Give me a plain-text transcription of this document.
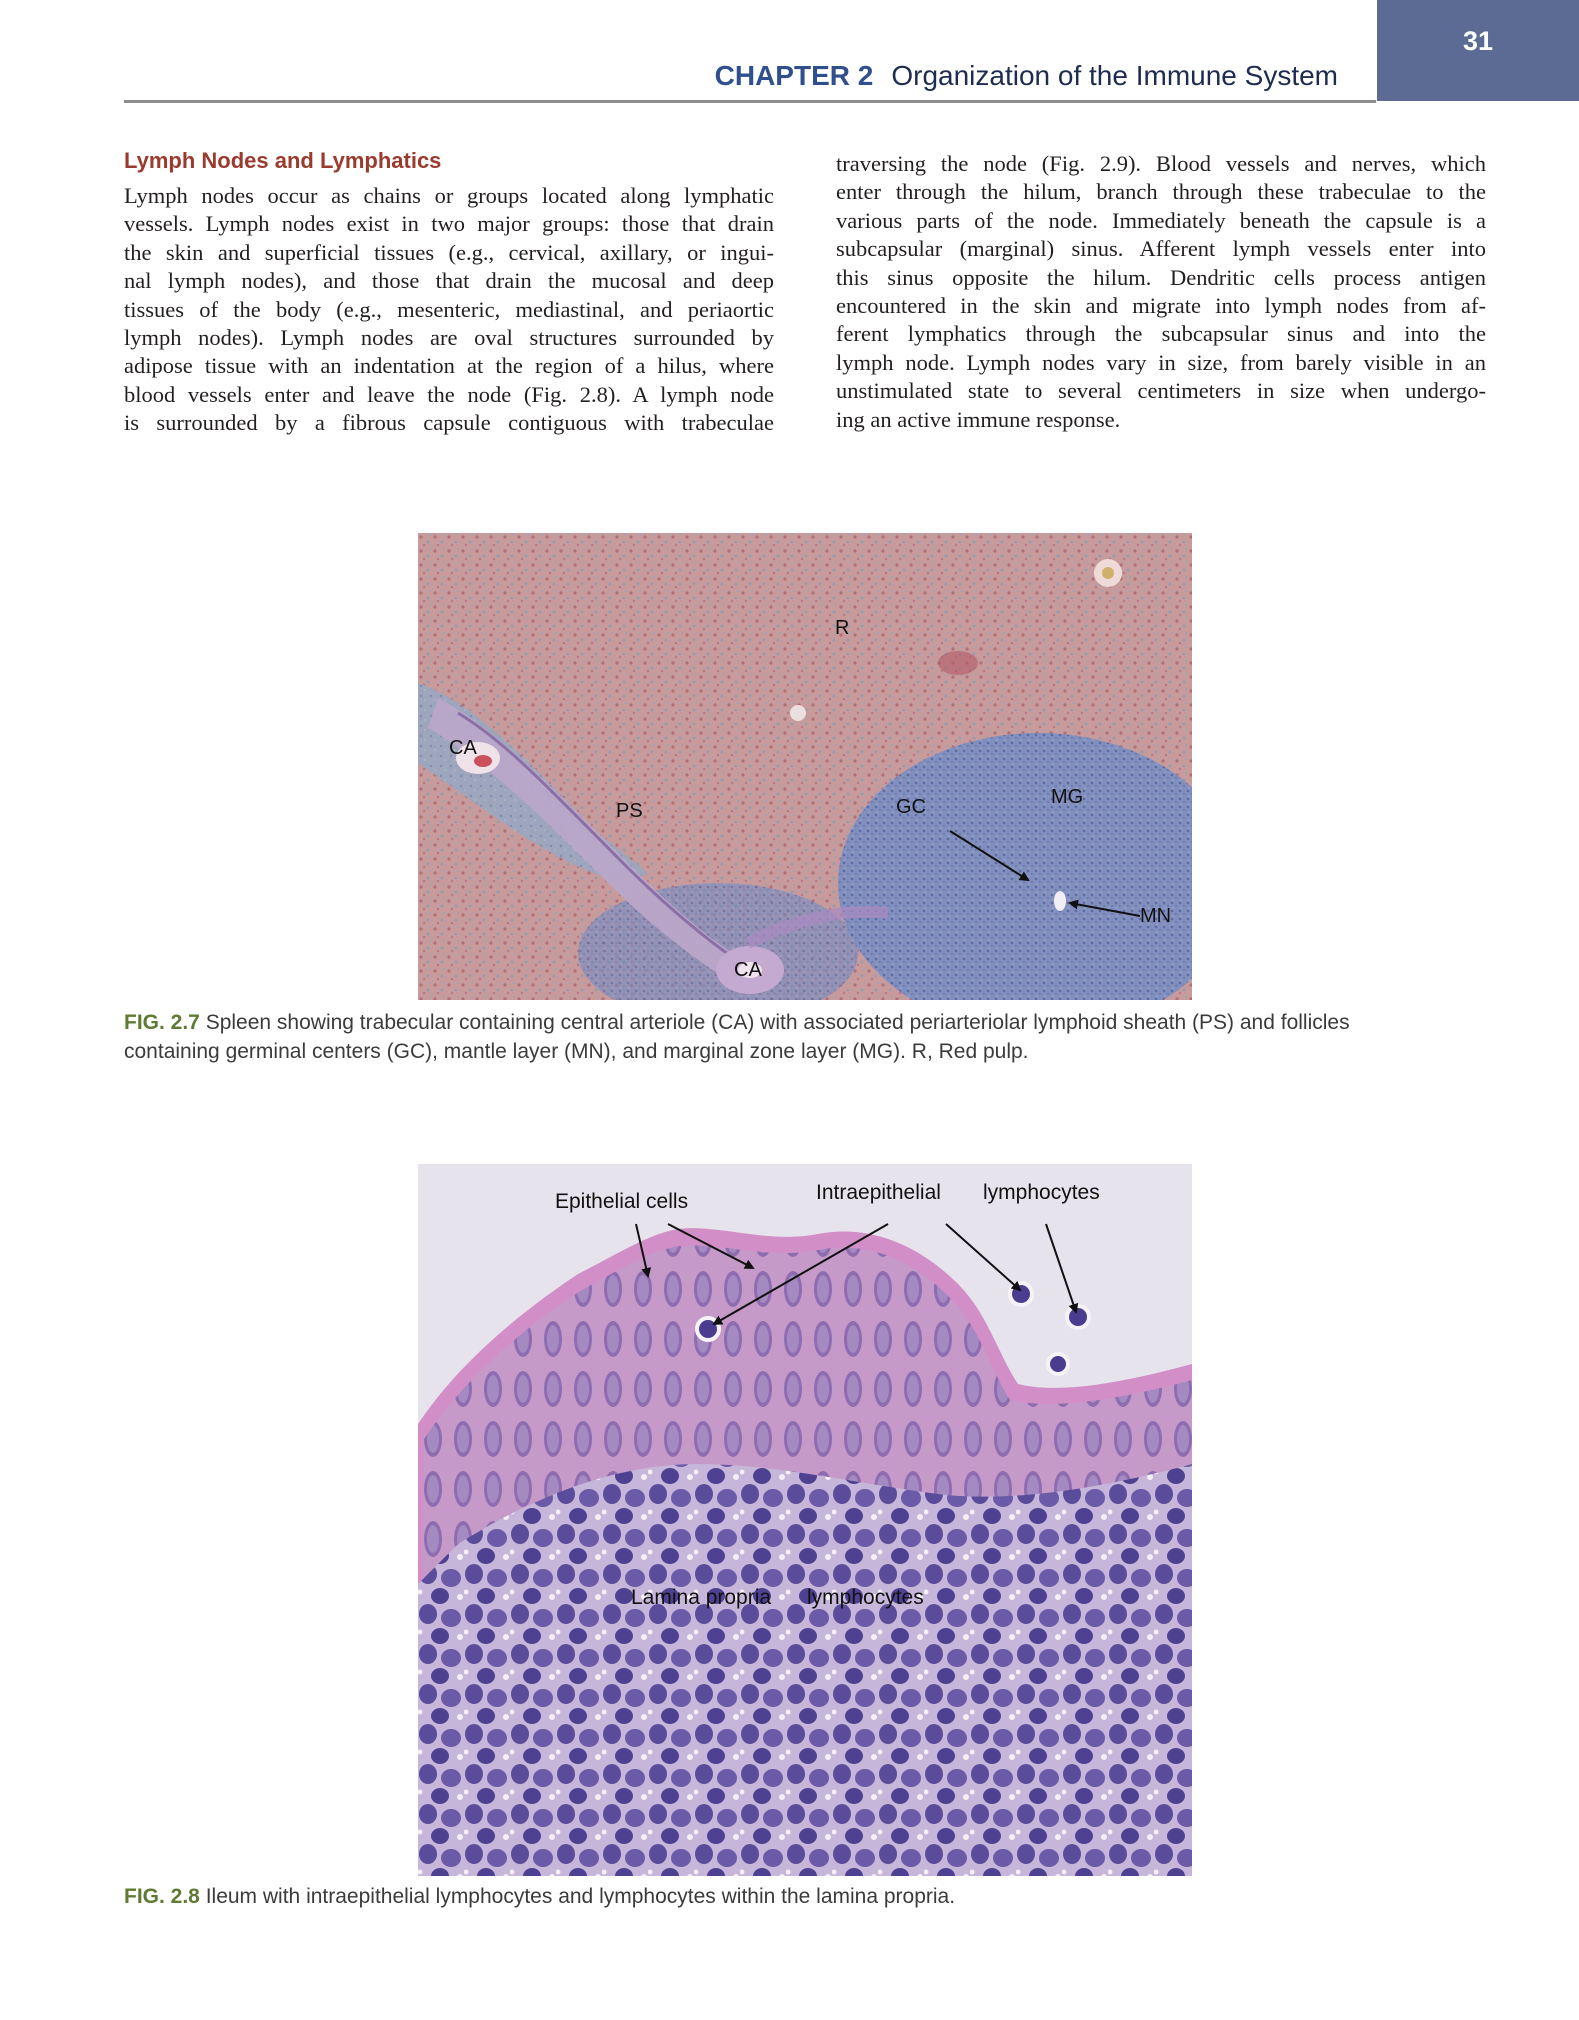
31
CHAPTER 2 Organization of the Immune System
Lymph Nodes and Lymphatics
Lymph nodes occur as chains or groups located along lymphatic
vessels. Lymph nodes exist in two major groups: those that drain
the skin and superficial tissues (e.g., cervical, axillary, or ingui-
nal lymph nodes), and those that drain the mucosal and deep
tissues of the body (e.g., mesenteric, mediastinal, and periaortic
lymph nodes). Lymph nodes are oval structures surrounded by
adipose tissue with an indentation at the region of a hilus, where
blood vessels enter and leave the node (Fig. 2.8). A lymph node
is surrounded by a fibrous capsule contiguous with trabeculae
traversing the node (Fig. 2.9). Blood vessels and nerves, which
enter through the hilum, branch through these trabeculae to the
various parts of the node. Immediately beneath the capsule is a
subcapsular (marginal) sinus. Afferent lymph vessels enter into
this sinus opposite the hilum. Dendritic cells process antigen
encountered in the skin and migrate into lymph nodes from af-
ferent lymphatics through the subcapsular sinus and into the
lymph node. Lymph nodes vary in size, from barely visible in an
unstimulated state to several centimeters in size when undergo-
ing an active immune response.
R
CA
PS	GC	MG
MN
CA
FIG. 2.7 Spleen showing trabecular containing central arteriole (CA) with associated periarteriolar lymphoid sheath (PS) and follicles
containing germinal centers (GC), mantle layer (MN), and marginal zone layer (MG). R, Red pulp.
Epithelial cells	Intraepithelial lymphocytes
Lamina propria lymphocytes
FIG. 2.8 Ileum with intraepithelial lymphocytes and lymphocytes within the lamina propria.
